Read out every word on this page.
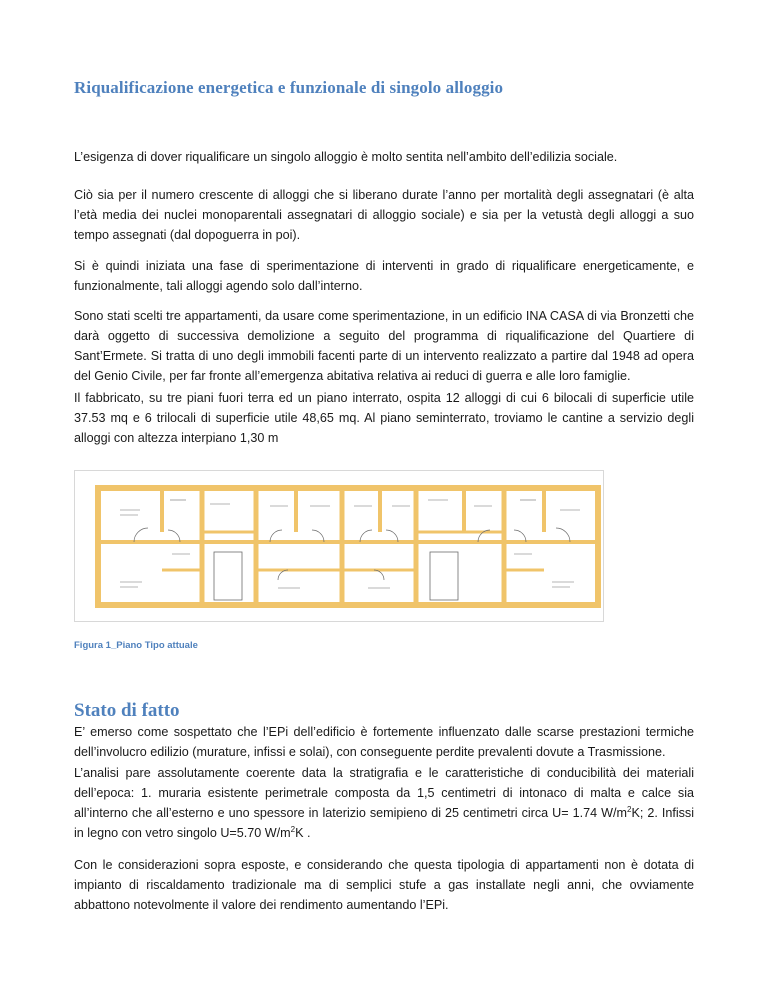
Riqualificazione energetica e funzionale di singolo alloggio

L’esigenza di dover riqualificare un singolo alloggio è molto sentita nell’ambito dell’edilizia sociale.

Ciò sia per il numero crescente di alloggi che si liberano durate l’anno per mortalità degli assegnatari (è alta l’età media dei nuclei monoparentali assegnatari di alloggio sociale) e sia per la vetustà degli alloggi a suo tempo assegnati (dal dopoguerra in poi).

Si è quindi iniziata una fase di sperimentazione di interventi in grado di riqualificare energeticamente, e funzionalmente, tali alloggi agendo solo dall’interno.

Sono stati scelti tre appartamenti, da usare come sperimentazione, in un edificio INA CASA di via Bronzetti che darà oggetto di successiva demolizione a seguito del programma di riqualificazione del Quartiere di Sant’Ermete. Si tratta di uno degli immobili facenti parte di un intervento realizzato a partire dal 1948 ad opera del Genio Civile, per far fronte all’emergenza abitativa relativa ai reduci di guerra e alle loro famiglie.

Il fabbricato, su tre piani fuori terra ed un piano interrato, ospita 12 alloggi di cui 6 bilocali di superficie utile 37.53 mq e 6 trilocali di superficie utile 48,65 mq. Al piano seminterrato, troviamo le cantine a servizio degli alloggi con altezza interpiano 1,30 m

Figura 1_Piano Tipo attuale

Stato di fatto

E’ emerso come sospettato che l’EPi dell’edificio è fortemente influenzato dalle scarse prestazioni termiche dell’involucro edilizio (murature, infissi e solai), con conseguente perdite prevalenti dovute a Trasmissione.

L’analisi pare assolutamente coerente data la stratigrafia e le caratteristiche di conducibilità dei materiali dell’epoca: 1. muraria esistente perimetrale composta da 1,5 centimetri di intonaco di malta e calce sia all’interno che all’esterno e uno spessore in laterizio semipieno di 25 centimetri circa U= 1.74 $W/m^2K$; 2. Infissi in legno con vetro singolo U=5.70 $W/m^2K$ .

Con le considerazioni sopra esposte, e considerando che questa tipologia di appartamenti non è dotata di impianto di riscaldamento tradizionale ma di semplici stufe a gas installate negli anni, che ovviamente abbattono notevolmente il valore dei rendimento aumentando l’EPi.
